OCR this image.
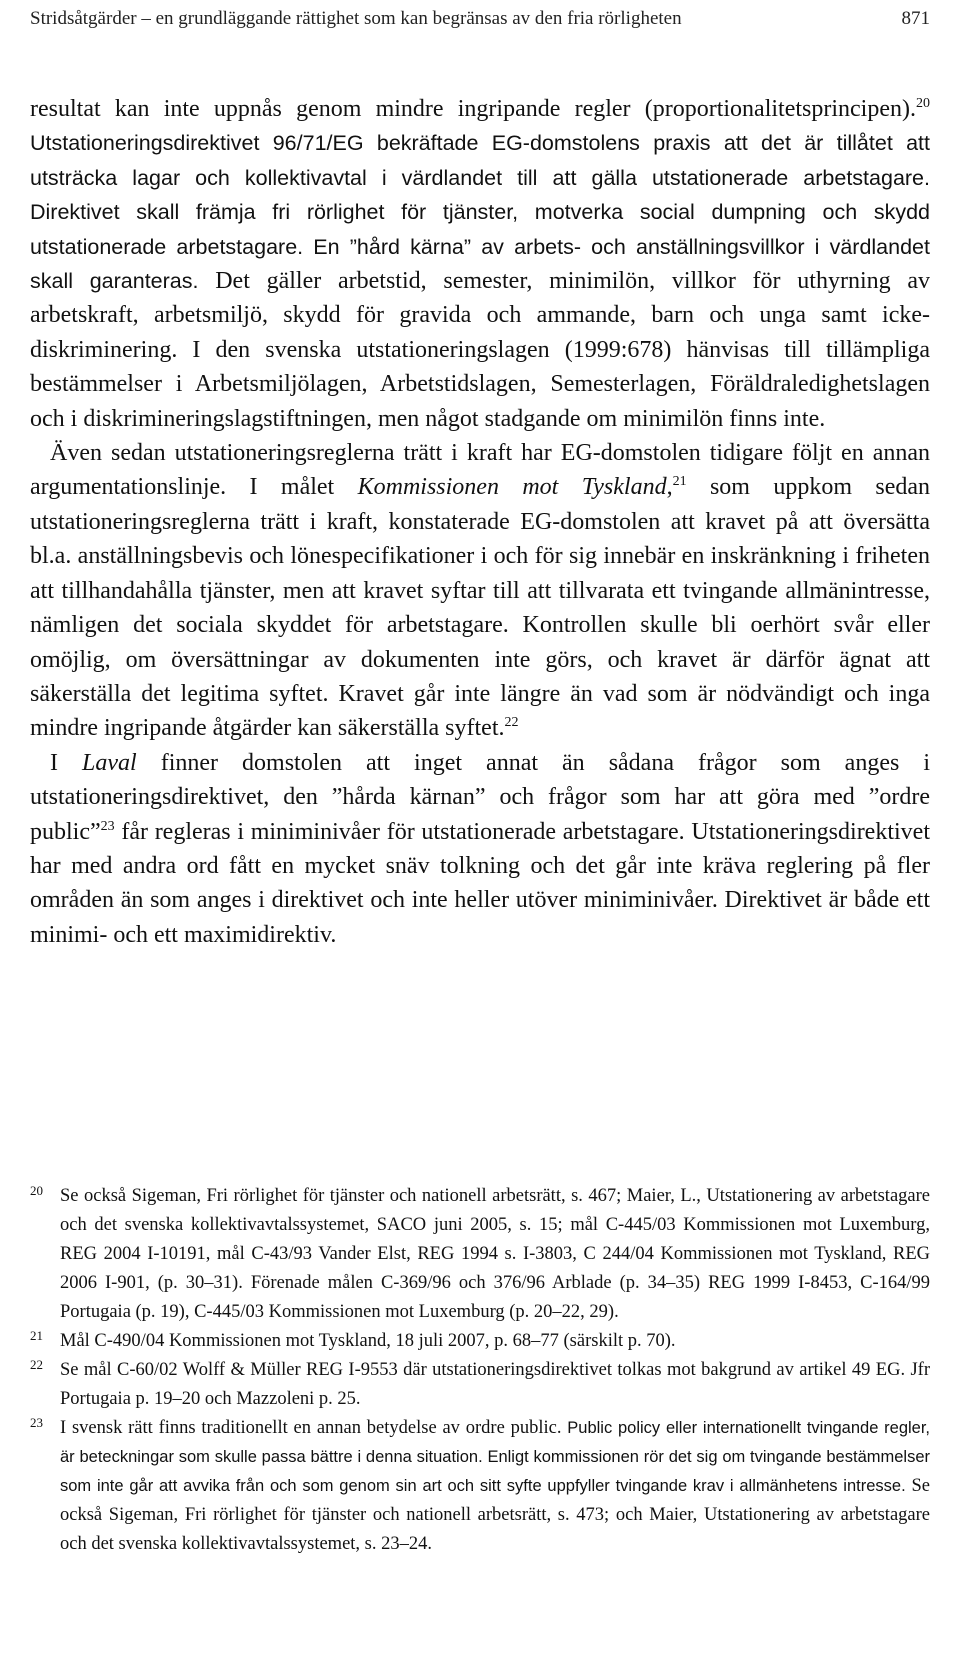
Stridsåtgärder – en grundläggande rättighet som kan begränsas av den fria rörligheten	871

resultat kan inte uppnås genom mindre ingripande regler (proportionalitetsprincipen).$^{20}$ Utstationeringsdirektivet 96/71/EG bekräftade EG-domstolens praxis att det är tillåtet att utsträcka lagar och kollektivavtal i värdlandet till att gälla utstationerade arbetstagare. Direktivet skall främja fri rörlighet för tjänster, motverka social dumpning och skydd utstationerade arbetstagare. En ”hård kärna” av arbets- och anställningsvillkor i värdlandet skall garanteras. Det gäller arbetstid, semester, minimilön, villkor för uthyrning av arbetskraft, arbetsmiljö, skydd för gravida och ammande, barn och unga samt icke-diskriminering. I den svenska utstationeringslagen (1999:678) hänvisas till tillämpliga bestämmelser i Arbetsmiljölagen, Arbetstidslagen, Semesterlagen, Föräldraledighetslagen och i diskrimineringslagstiftningen, men något stadgande om minimilön finns inte.

Även sedan utstationeringsreglerna trätt i kraft har EG-domstolen tidigare följt en annan argumentationslinje. I målet Kommissionen mot Tyskland,$^{21}$ som uppkom sedan utstationeringsreglerna trätt i kraft, konstaterade EG-domstolen att kravet på att översätta bl.a. anställningsbevis och lönespecifikationer i och för sig innebär en inskränkning i friheten att tillhandahålla tjänster, men att kravet syftar till att tillvarata ett tvingande allmänintresse, nämligen det sociala skyddet för arbetstagare. Kontrollen skulle bli oerhört svår eller omöjlig, om översättningar av dokumenten inte görs, och kravet är därför ägnat att säkerställa det legitima syftet. Kravet går inte längre än vad som är nödvändigt och inga mindre ingripande åtgärder kan säkerställa syftet.$^{22}$

I Laval finner domstolen att inget annat än sådana frågor som anges i utstationeringsdirektivet, den ”hårda kärnan” och frågor som har att göra med ”ordre public”$^{23}$ får regleras i miniminivåer för utstationerade arbetstagare. Utstationeringsdirektivet har med andra ord fått en mycket snäv tolkning och det går inte kräva reglering på fler områden än som anges i direktivet och inte heller utöver miniminivåer. Direktivet är både ett minimi- och ett maximidirektiv.

20 Se också Sigeman, Fri rörlighet för tjänster och nationell arbetsrätt, s. 467; Maier, L., Utstationering av arbetstagare och det svenska kollektivavtalssystemet, SACO juni 2005, s. 15; mål C-445/03 Kommissionen mot Luxemburg, REG 2004 I-10191, mål C-43/93 Vander Elst, REG 1994 s. I-3803, C 244/04 Kommissionen mot Tyskland, REG 2006 I-901, (p. 30–31). Förenade målen C-369/96 och 376/96 Arblade (p. 34–35) REG 1999 I-8453, C-164/99 Portugaia (p. 19), C-445/03 Kommissionen mot Luxemburg (p. 20–22, 29).
21 Mål C-490/04 Kommissionen mot Tyskland, 18 juli 2007, p. 68–77 (särskilt p. 70).
22 Se mål C-60/02 Wolff & Müller REG I-9553 där utstationeringsdirektivet tolkas mot bakgrund av artikel 49 EG. Jfr Portugaia p. 19–20 och Mazzoleni p. 25.
23 I svensk rätt finns traditionellt en annan betydelse av ordre public. Public policy eller internationellt tvingande regler, är beteckningar som skulle passa bättre i denna situation. Enligt kommissionen rör det sig om tvingande bestämmelser som inte går att avvika från och som genom sin art och sitt syfte uppfyller tvingande krav i allmänhetens intresse. Se också Sigeman, Fri rörlighet för tjänster och nationell arbetsrätt, s. 473; och Maier, Utstationering av arbetstagare och det svenska kollektivavtalssystemet, s. 23–24.
